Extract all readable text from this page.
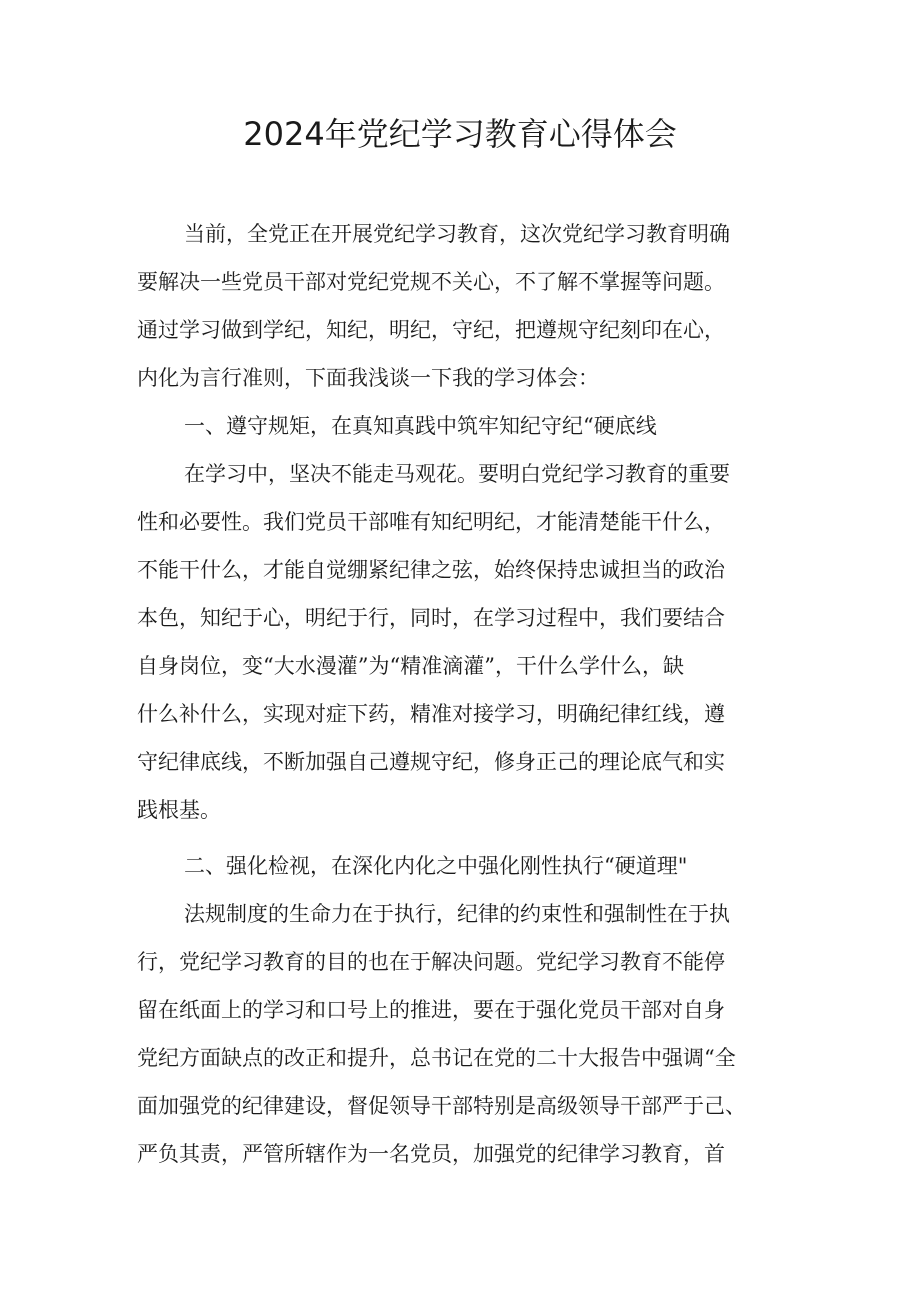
2024年党纪学习教育心得体会
当前，全党正在开展党纪学习教育，这次党纪学习教育明确
要解决一些党员干部对党纪党规不关心，不了解不掌握等问题。
通过学习做到学纪，知纪，明纪，守纪，把遵规守纪刻印在心，
内化为言行准则，下面我浅谈一下我的学习体会：
一、遵守规矩，在真知真践中筑牢知纪守纪“硬底线
在学习中，坚决不能走马观花。要明白党纪学习教育的重要
性和必要性。我们党员干部唯有知纪明纪，才能清楚能干什么，
不能干什么，才能自觉绷紧纪律之弦，始终保持忠诚担当的政治
本色，知纪于心，明纪于行，同时，在学习过程中，我们要结合
自身岗位，变“大水漫灌”为“精准滴灌”，干什么学什么，缺
什么补什么，实现对症下药，精准对接学习，明确纪律红线，遵
守纪律底线，不断加强自己遵规守纪，修身正己的理论底气和实
践根基。
二、强化检视，在深化内化之中强化刚性执行“硬道理"
法规制度的生命力在于执行，纪律的约束性和强制性在于执
行，党纪学习教育的目的也在于解决问题。党纪学习教育不能停
留在纸面上的学习和口号上的推进，要在于强化党员干部对自身
党纪方面缺点的改正和提升，总书记在党的二十大报告中强调“全
面加强党的纪律建设，督促领导干部特别是高级领导干部严于己、
严负其责，严管所辖作为一名党员，加强党的纪律学习教育，首
